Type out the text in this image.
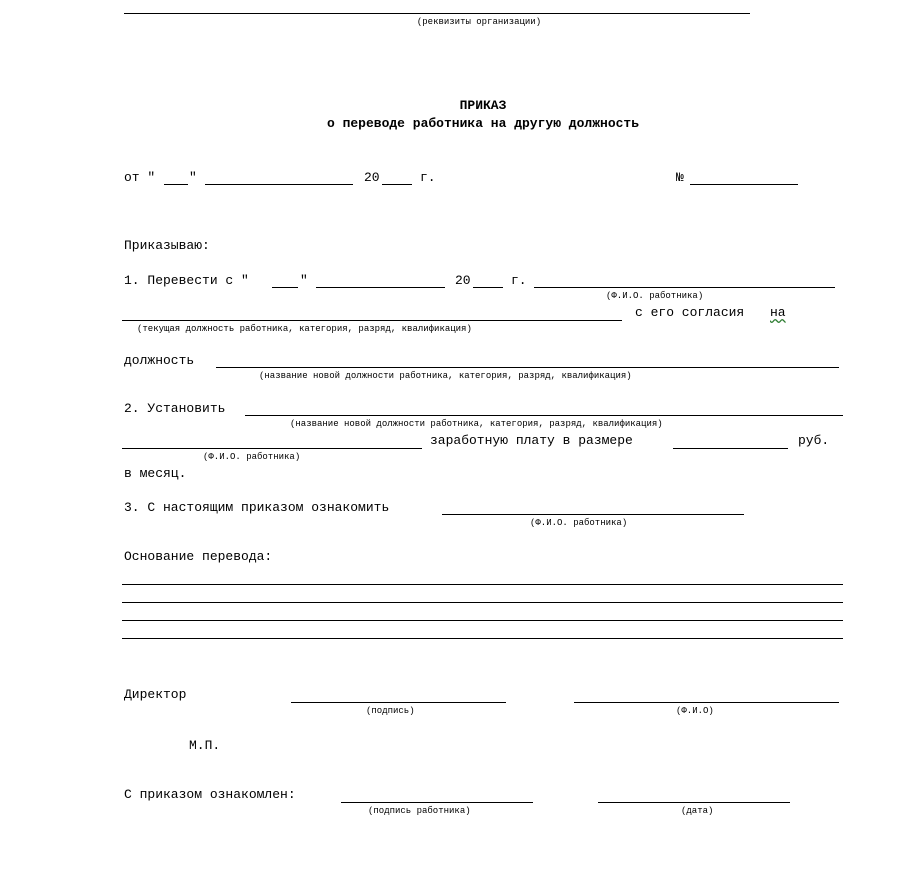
(реквизиты организации)
ПРИКАЗ
о переводе работника на другую должность
от "	"	20	г.	№
Приказываю:
1. Перевести с "	"	20	г.
(Ф.И.О. работника)
с его согласия на
(текущая должность работника, категория, разряд, квалификация)
должность
(название новой должности работника, категория, разряд, квалификация)
2. Установить
(название новой должности работника, категория, разряд, квалификация)
заработную плату в размере	руб.
(Ф.И.О. работника)
в месяц.
3. С настоящим приказом ознакомить
(Ф.И.О. работника)
Основание перевода:
Директор
(подпись)	(Ф.И.О)
М.П.
С приказом ознакомлен:
(подпись работника)	(дата)
